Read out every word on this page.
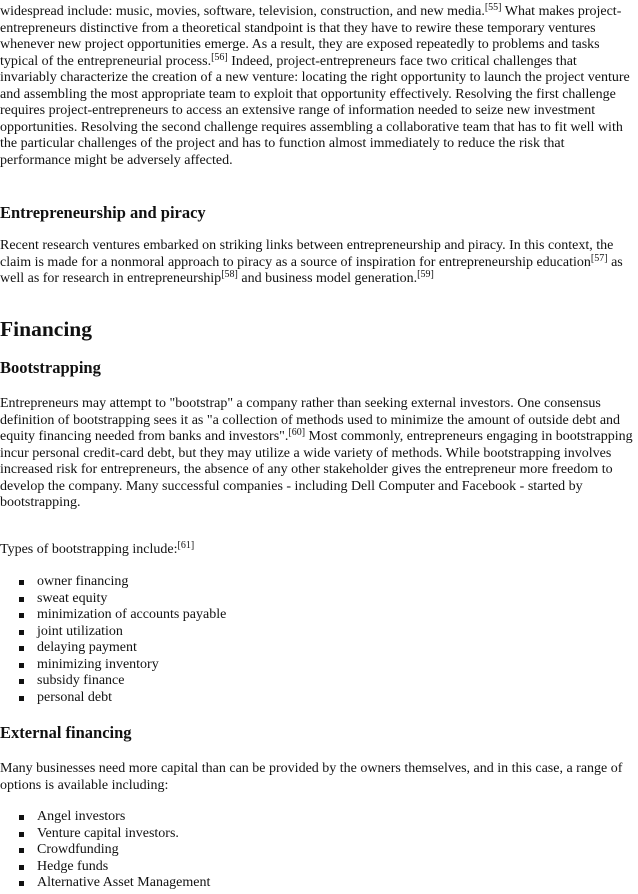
widespread include: music, movies, software, television, construction, and new media.[55] What makes project-entrepreneurs distinctive from a theoretical standpoint is that they have to rewire these temporary ventures whenever new project opportunities emerge. As a result, they are exposed repeatedly to problems and tasks typical of the entrepreneurial process.[56] Indeed, project-entrepreneurs face two critical challenges that invariably characterize the creation of a new venture: locating the right opportunity to launch the project venture and assembling the most appropriate team to exploit that opportunity effectively. Resolving the first challenge requires project-entrepreneurs to access an extensive range of information needed to seize new investment opportunities. Resolving the second challenge requires assembling a collaborative team that has to fit well with the particular challenges of the project and has to function almost immediately to reduce the risk that performance might be adversely affected.

Entrepreneurship and piracy

Recent research ventures embarked on striking links between entrepreneurship and piracy. In this context, the claim is made for a nonmoral approach to piracy as a source of inspiration for entrepreneurship education[57] as well as for research in entrepreneurship[58] and business model generation.[59]

Financing
Bootstrapping

Entrepreneurs may attempt to "bootstrap" a company rather than seeking external investors. One consensus definition of bootstrapping sees it as "a collection of methods used to minimize the amount of outside debt and equity financing needed from banks and investors".[60] Most commonly, entrepreneurs engaging in bootstrapping incur personal credit-card debt, but they may utilize a wide variety of methods. While bootstrapping involves increased risk for entrepreneurs, the absence of any other stakeholder gives the entrepreneur more freedom to develop the company. Many successful companies - including Dell Computer and Facebook - started by bootstrapping.

Types of bootstrapping include:[61]

owner financing
sweat equity
minimization of accounts payable
joint utilization
delaying payment
minimizing inventory
subsidy finance
personal debt
External financing

Many businesses need more capital than can be provided by the owners themselves, and in this case, a range of options is available including:

Angel investors
Venture capital investors.
Crowdfunding
Hedge funds
Alternative Asset Management
